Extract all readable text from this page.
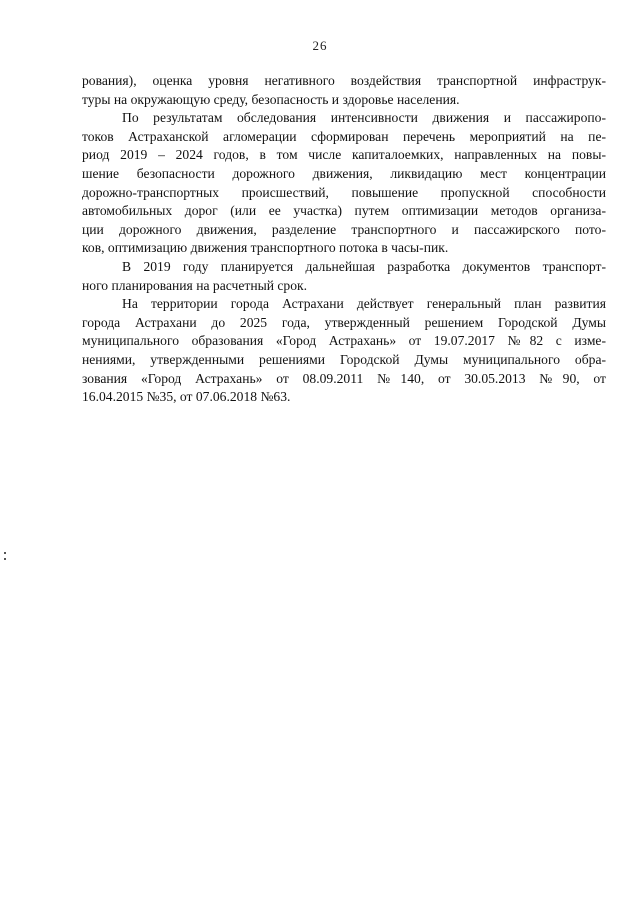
26

рования), оценка уровня негативного воздействия транспортной инфраструк-
туры на окружающую среду, безопасность и здоровье населения.

По результатам обследования интенсивности движения и пассажиропо-
токов Астраханской агломерации сформирован перечень мероприятий на пе-
риод 2019 – 2024 годов, в том числе капиталоемких, направленных на повы-
шение безопасности дорожного движения, ликвидацию мест концентрации
дорожно-транспортных происшествий, повышение пропускной способности
автомобильных дорог (или ее участка) путем оптимизации методов организа-
ции дорожного движения, разделение транспортного и пассажирского пото-
ков, оптимизацию движения транспортного потока в часы-пик.

В 2019 году планируется дальнейшая разработка документов транспорт-
ного планирования на расчетный срок.

На территории города Астрахани действует генеральный план развития
города Астрахани до 2025 года, утвержденный решением Городской Думы
муниципального образования «Город Астрахань» от 19.07.2017 №82 с изме-
нениями, утвержденными решениями Городской Думы муниципального обра-
зования «Город Астрахань» от 08.09.2011 №140, от 30.05.2013 №90, от
16.04.2015 №35, от 07.06.2018 №63.
